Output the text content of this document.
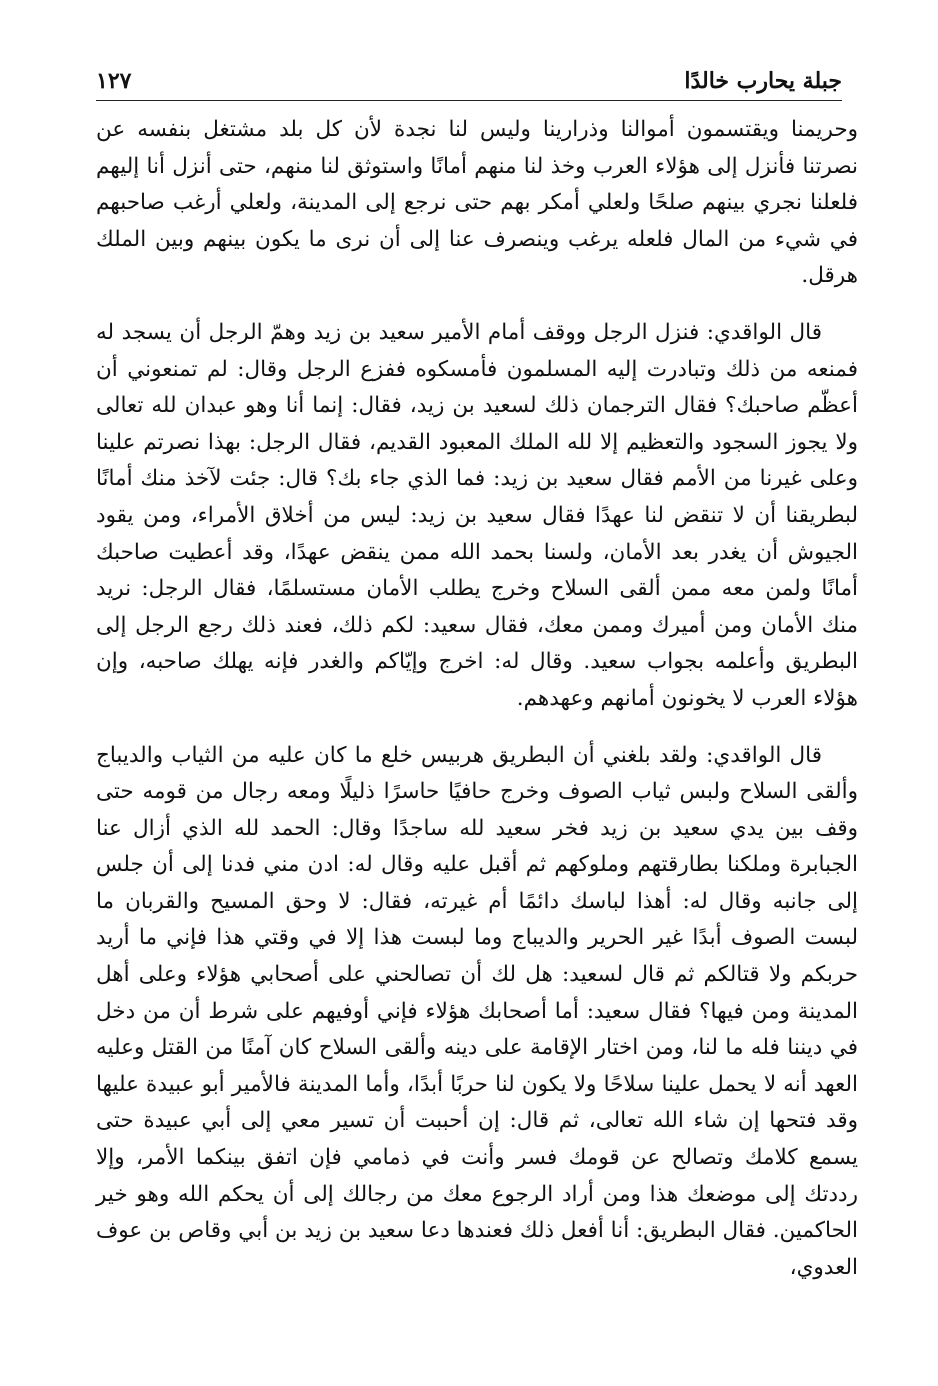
جبلة يحارب خالدًا
١٢٧

وحريمنا ويقتسمون أموالنا وذرارينا وليس لنا نجدة لأن كل بلد مشتغل بنفسه عن نصرتنا فأنزل إلى هؤلاء العرب وخذ لنا منهم أمانًا واستوثق لنا منهم، حتى أنزل أنا إليهم فلعلنا نجري بينهم صلحًا ولعلي أمكر بهم حتى نرجع إلى المدينة، ولعلي أرغب صاحبهم في شيء من المال فلعله يرغب وينصرف عنا إلى أن نرى ما يكون بينهم وبين الملك هرقل.

قال الواقدي: فنزل الرجل ووقف أمام الأمير سعيد بن زيد وهمّ الرجل أن يسجد له فمنعه من ذلك وتبادرت إليه المسلمون فأمسكوه ففزع الرجل وقال: لم تمنعوني أن أعظّم صاحبك؟ فقال الترجمان ذلك لسعيد بن زيد، فقال: إنما أنا وهو عبدان لله تعالى ولا يجوز السجود والتعظيم إلا لله الملك المعبود القديم، فقال الرجل: بهذا نصرتم علينا وعلى غيرنا من الأمم فقال سعيد بن زيد: فما الذي جاء بك؟ قال: جئت لآخذ منك أمانًا لبطريقنا أن لا تنقض لنا عهدًا فقال سعيد بن زيد: ليس من أخلاق الأمراء، ومن يقود الجيوش أن يغدر بعد الأمان، ولسنا بحمد الله ممن ينقض عهدًا، وقد أعطيت صاحبك أمانًا ولمن معه ممن ألقى السلاح وخرج يطلب الأمان مستسلمًا، فقال الرجل: نريد منك الأمان ومن أميرك وممن معك، فقال سعيد: لكم ذلك، فعند ذلك رجع الرجل إلى البطريق وأعلمه بجواب سعيد. وقال له: اخرج وإيّاكم والغدر فإنه يهلك صاحبه، وإن هؤلاء العرب لا يخونون أمانهم وعهدهم.

قال الواقدي: ولقد بلغني أن البطريق هربيس خلع ما كان عليه من الثياب والديباج وألقى السلاح ولبس ثياب الصوف وخرج حافيًا حاسرًا ذليلًا ومعه رجال من قومه حتى وقف بين يدي سعيد بن زيد فخر سعيد لله ساجدًا وقال: الحمد لله الذي أزال عنا الجبابرة وملكنا بطارقتهم وملوكهم ثم أقبل عليه وقال له: ادن مني فدنا إلى أن جلس إلى جانبه وقال له: أهذا لباسك دائمًا أم غيرته، فقال: لا وحق المسيح والقربان ما لبست الصوف أبدًا غير الحرير والديباج وما لبست هذا إلا في وقتي هذا فإني ما أريد حربكم ولا قتالكم ثم قال لسعيد: هل لك أن تصالحني على أصحابي هؤلاء وعلى أهل المدينة ومن فيها؟ فقال سعيد: أما أصحابك هؤلاء فإني أوفيهم على شرط أن من دخل في ديننا فله ما لنا، ومن اختار الإقامة على دينه وألقى السلاح كان آمنًا من القتل وعليه العهد أنه لا يحمل علينا سلاحًا ولا يكون لنا حربًا أبدًا، وأما المدينة فالأمير أبو عبيدة عليها وقد فتحها إن شاء الله تعالى، ثم قال: إن أحببت أن تسير معي إلى أبي عبيدة حتى يسمع كلامك وتصالح عن قومك فسر وأنت في ذمامي فإن اتفق بينكما الأمر، وإلا رددتك إلى موضعك هذا ومن أراد الرجوع معك من رجالك إلى أن يحكم الله وهو خير الحاكمين. فقال البطريق: أنا أفعل ذلك فعندها دعا سعيد بن زيد بن أبي وقاص بن عوف العدوي،
